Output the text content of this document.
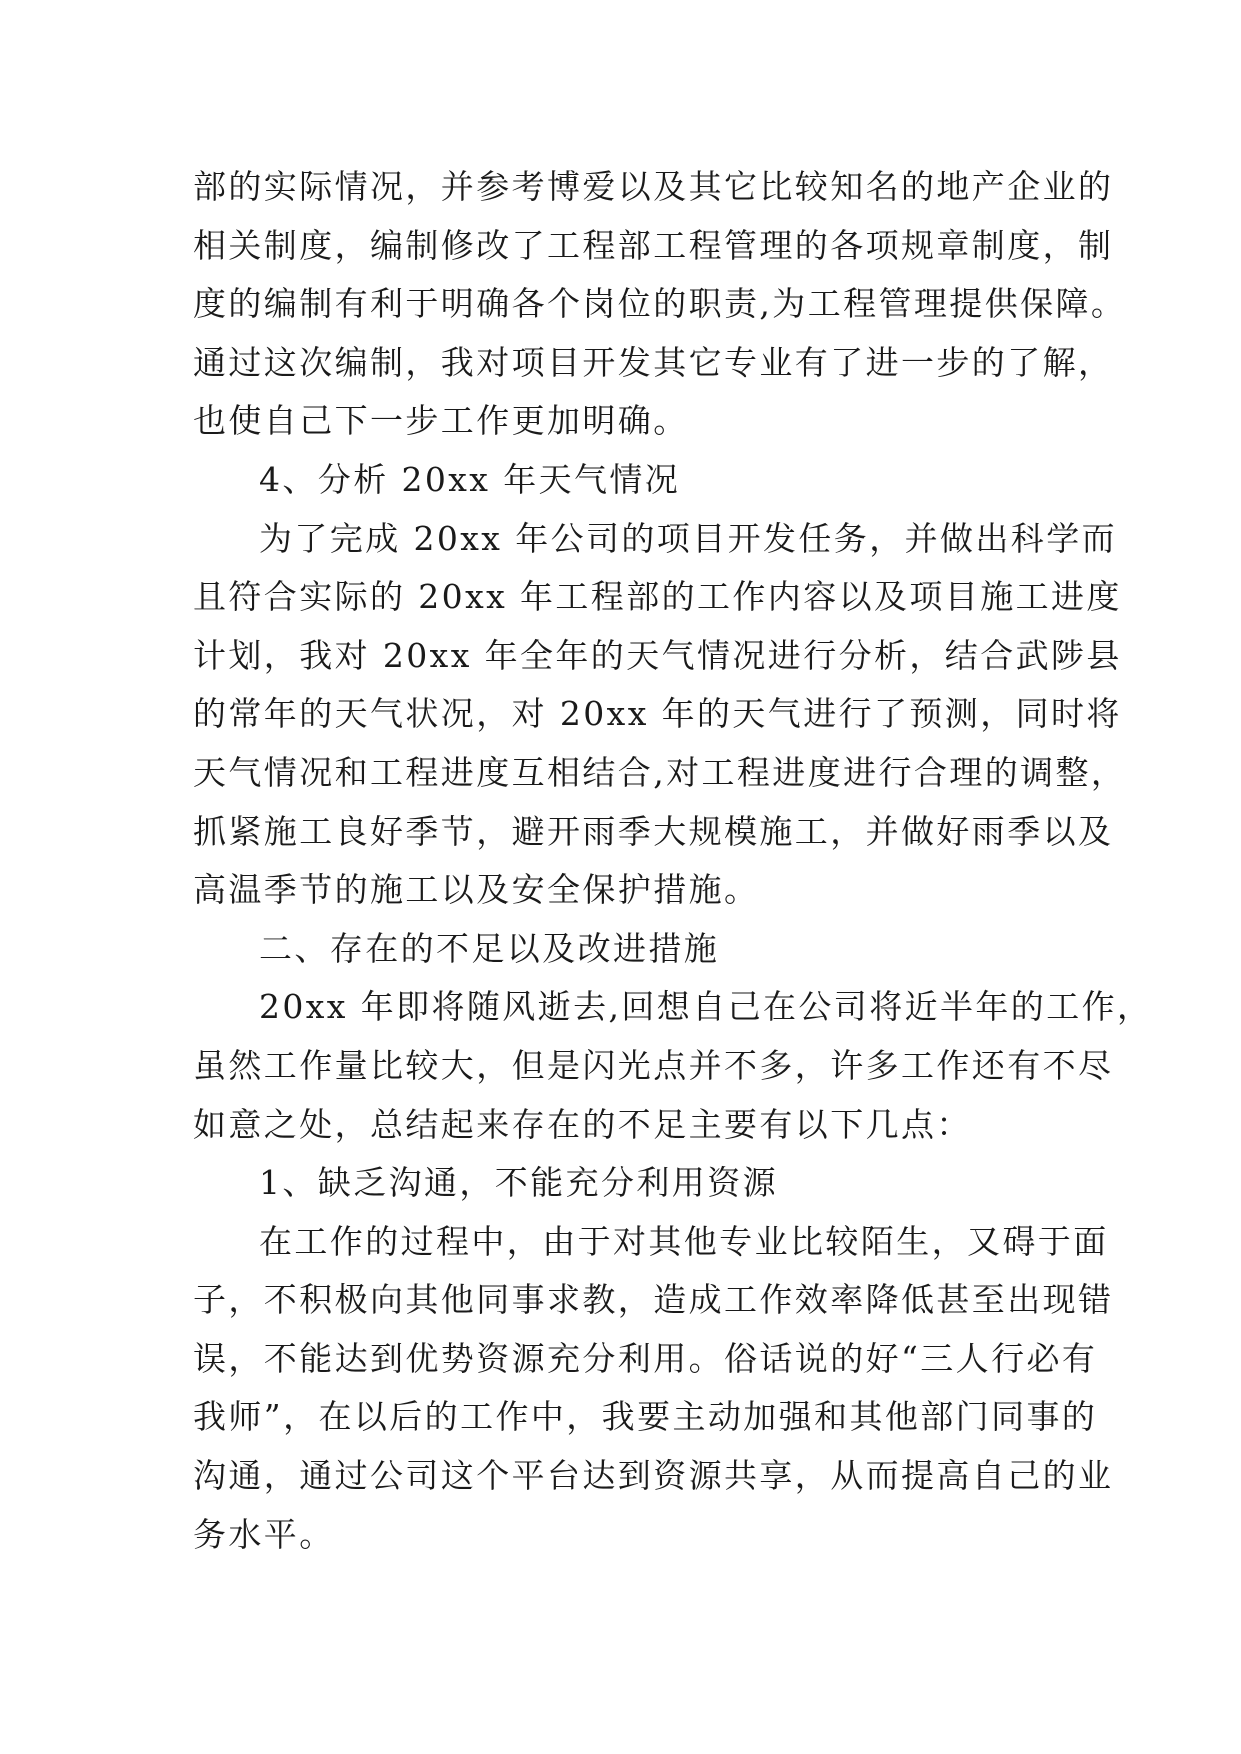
部的实际情况，并参考博爱以及其它比较知名的地产企业的
相关制度，编制修改了工程部工程管理的各项规章制度，制
度的编制有利于明确各个岗位的职责,为工程管理提供保障。
通过这次编制，我对项目开发其它专业有了进一步的了解，
也使自己下一步工作更加明确。
4、分析 20xx 年天气情况
为了完成 20xx 年公司的项目开发任务，并做出科学而
且符合实际的 20xx 年工程部的工作内容以及项目施工进度
计划，我对 20xx 年全年的天气情况进行分析，结合武陟县
的常年的天气状况，对 20xx 年的天气进行了预测，同时将
天气情况和工程进度互相结合,对工程进度进行合理的调整，
抓紧施工良好季节，避开雨季大规模施工，并做好雨季以及
高温季节的施工以及安全保护措施。
二、存在的不足以及改进措施
20xx 年即将随风逝去,回想自己在公司将近半年的工作，
虽然工作量比较大，但是闪光点并不多，许多工作还有不尽
如意之处，总结起来存在的不足主要有以下几点：
1、缺乏沟通，不能充分利用资源
在工作的过程中，由于对其他专业比较陌生，又碍于面
子，不积极向其他同事求教，造成工作效率降低甚至出现错
误，不能达到优势资源充分利用。俗话说的好“三人行必有
我师”，在以后的工作中，我要主动加强和其他部门同事的
沟通，通过公司这个平台达到资源共享，从而提高自己的业
务水平。
